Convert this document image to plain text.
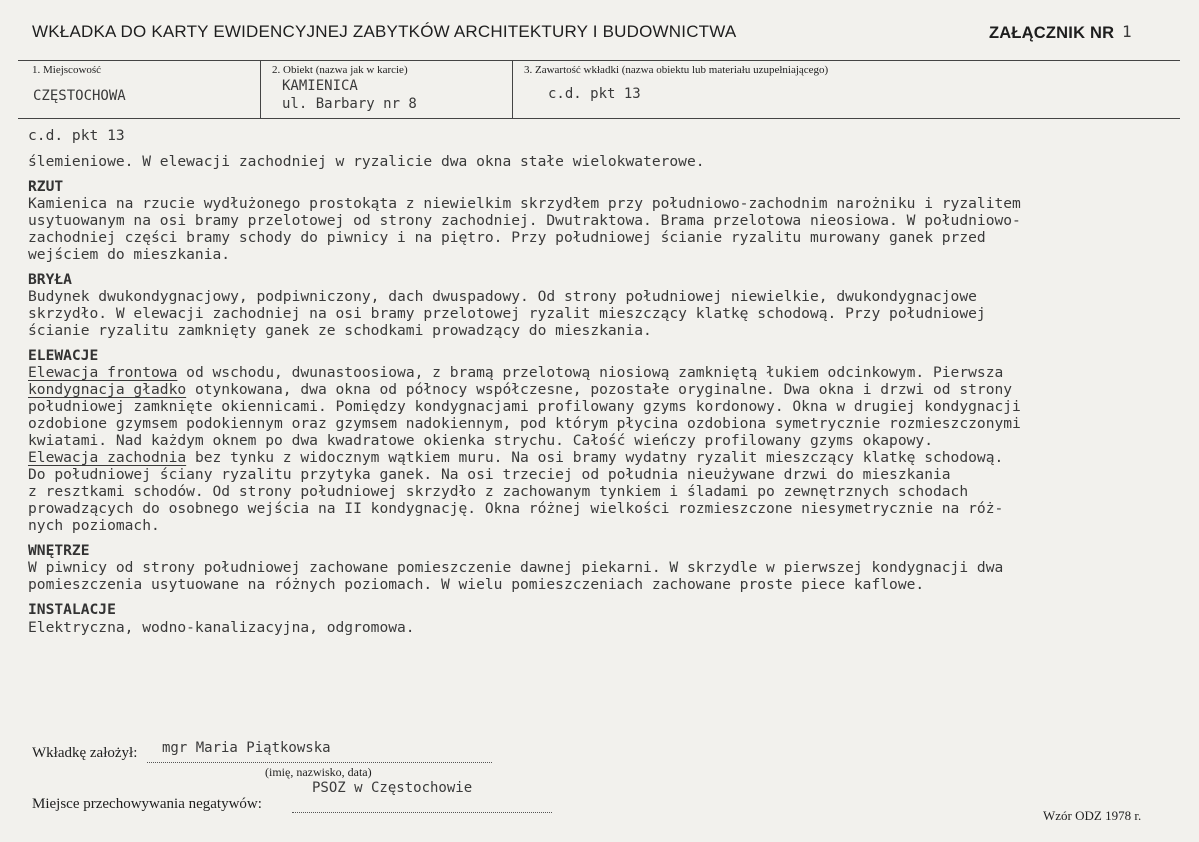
WKŁADKA DO KARTY EWIDENCYJNEJ ZABYTKÓW ARCHITEKTURY I BUDOWNICTWA	ZAŁĄCZNIK NR 1
1. Miejscowość
CZĘSTOCHOWA
2. Obiekt (nazwa jak w karcie)
KAMIENICA
ul. Barbary nr 8
3. Zawartość wkładki (nazwa obiektu lub materiału uzupełniającego)
c.d. pkt 13
c.d. pkt 13
ślemieniowe. W elewacji zachodniej w ryzalicie dwa okna stałe wielokwaterowe.
RZUT
Kamienica na rzucie wydłużonego prostokąta z niewielkim skrzydłem przy południowo-zachodnim narożniku i ryzalitem
usytuowanym na osi bramy przelotowej od strony zachodniej. Dwutraktowa. Brama przelotowa nieosiowa. W południowo-
zachodniej części bramy schody do piwnicy i na piętro. Przy południowej ścianie ryzalitu murowany ganek przed
wejściem do mieszkania.
BRYŁA
Budynek dwukondygnacjowy, podpiwniczony, dach dwuspadowy. Od strony południowej niewielkie, dwukondygnacjowe
skrzydło. W elewacji zachodniej na osi bramy przelotowej ryzalit mieszczący klatkę schodową. Przy południowej
ścianie ryzalitu zamknięty ganek ze schodkami prowadzący do mieszkania.
ELEWACJE
Elewacja frontowa od wschodu, dwunastoosiowa, z bramą przelotową niosiową zamkniętą łukiem odcinkowym. Pierwsza
kondygnacja gładko otynkowana, dwa okna od północy współczesne, pozostałe oryginalne. Dwa okna i drzwi od strony
południowej zamknięte okiennicami. Pomiędzy kondygnacjami profilowany gzyms kordonowy. Okna w drugiej kondygnacji
ozdobione gzymsem podokiennym oraz gzymsem nadokiennym, pod którym płycina ozdobiona symetrycznie rozmieszczonymi
kwiatami. Nad każdym oknem po dwa kwadratowe okienka strychu. Całość wieńczy profilowany gzyms okapowy.
Elewacja zachodnia bez tynku z widocznym wątkiem muru. Na osi bramy wydatny ryzalit mieszczący klatkę schodową.
Do południowej ściany ryzalitu przytyka ganek. Na osi trzeciej od południa nieużywane drzwi do mieszkania
z resztkami schodów. Od strony południowej skrzydło z zachowanym tynkiem i śladami po zewnętrznych schodach
prowadzących do osobnego wejścia na II kondygnację. Okna różnej wielkości rozmieszczone niesymetrycznie na róż-
nych poziomach.
WNĘTRZE
W piwnicy od strony południowej zachowane pomieszczenie dawnej piekarni. W skrzydle w pierwszej kondygnacji dwa
pomieszczenia usytuowane na różnych poziomach. W wielu pomieszczeniach zachowane proste piece kaflowe.
INSTALACJE
Elektryczna, wodno-kanalizacyjna, odgromowa.
Wkładkę założył: mgr Maria Piątkowska
(imię, nazwisko, data)
Miejsce przechowywania negatywów:
PSOZ w Częstochowie
Wzór ODZ 1978 r.
